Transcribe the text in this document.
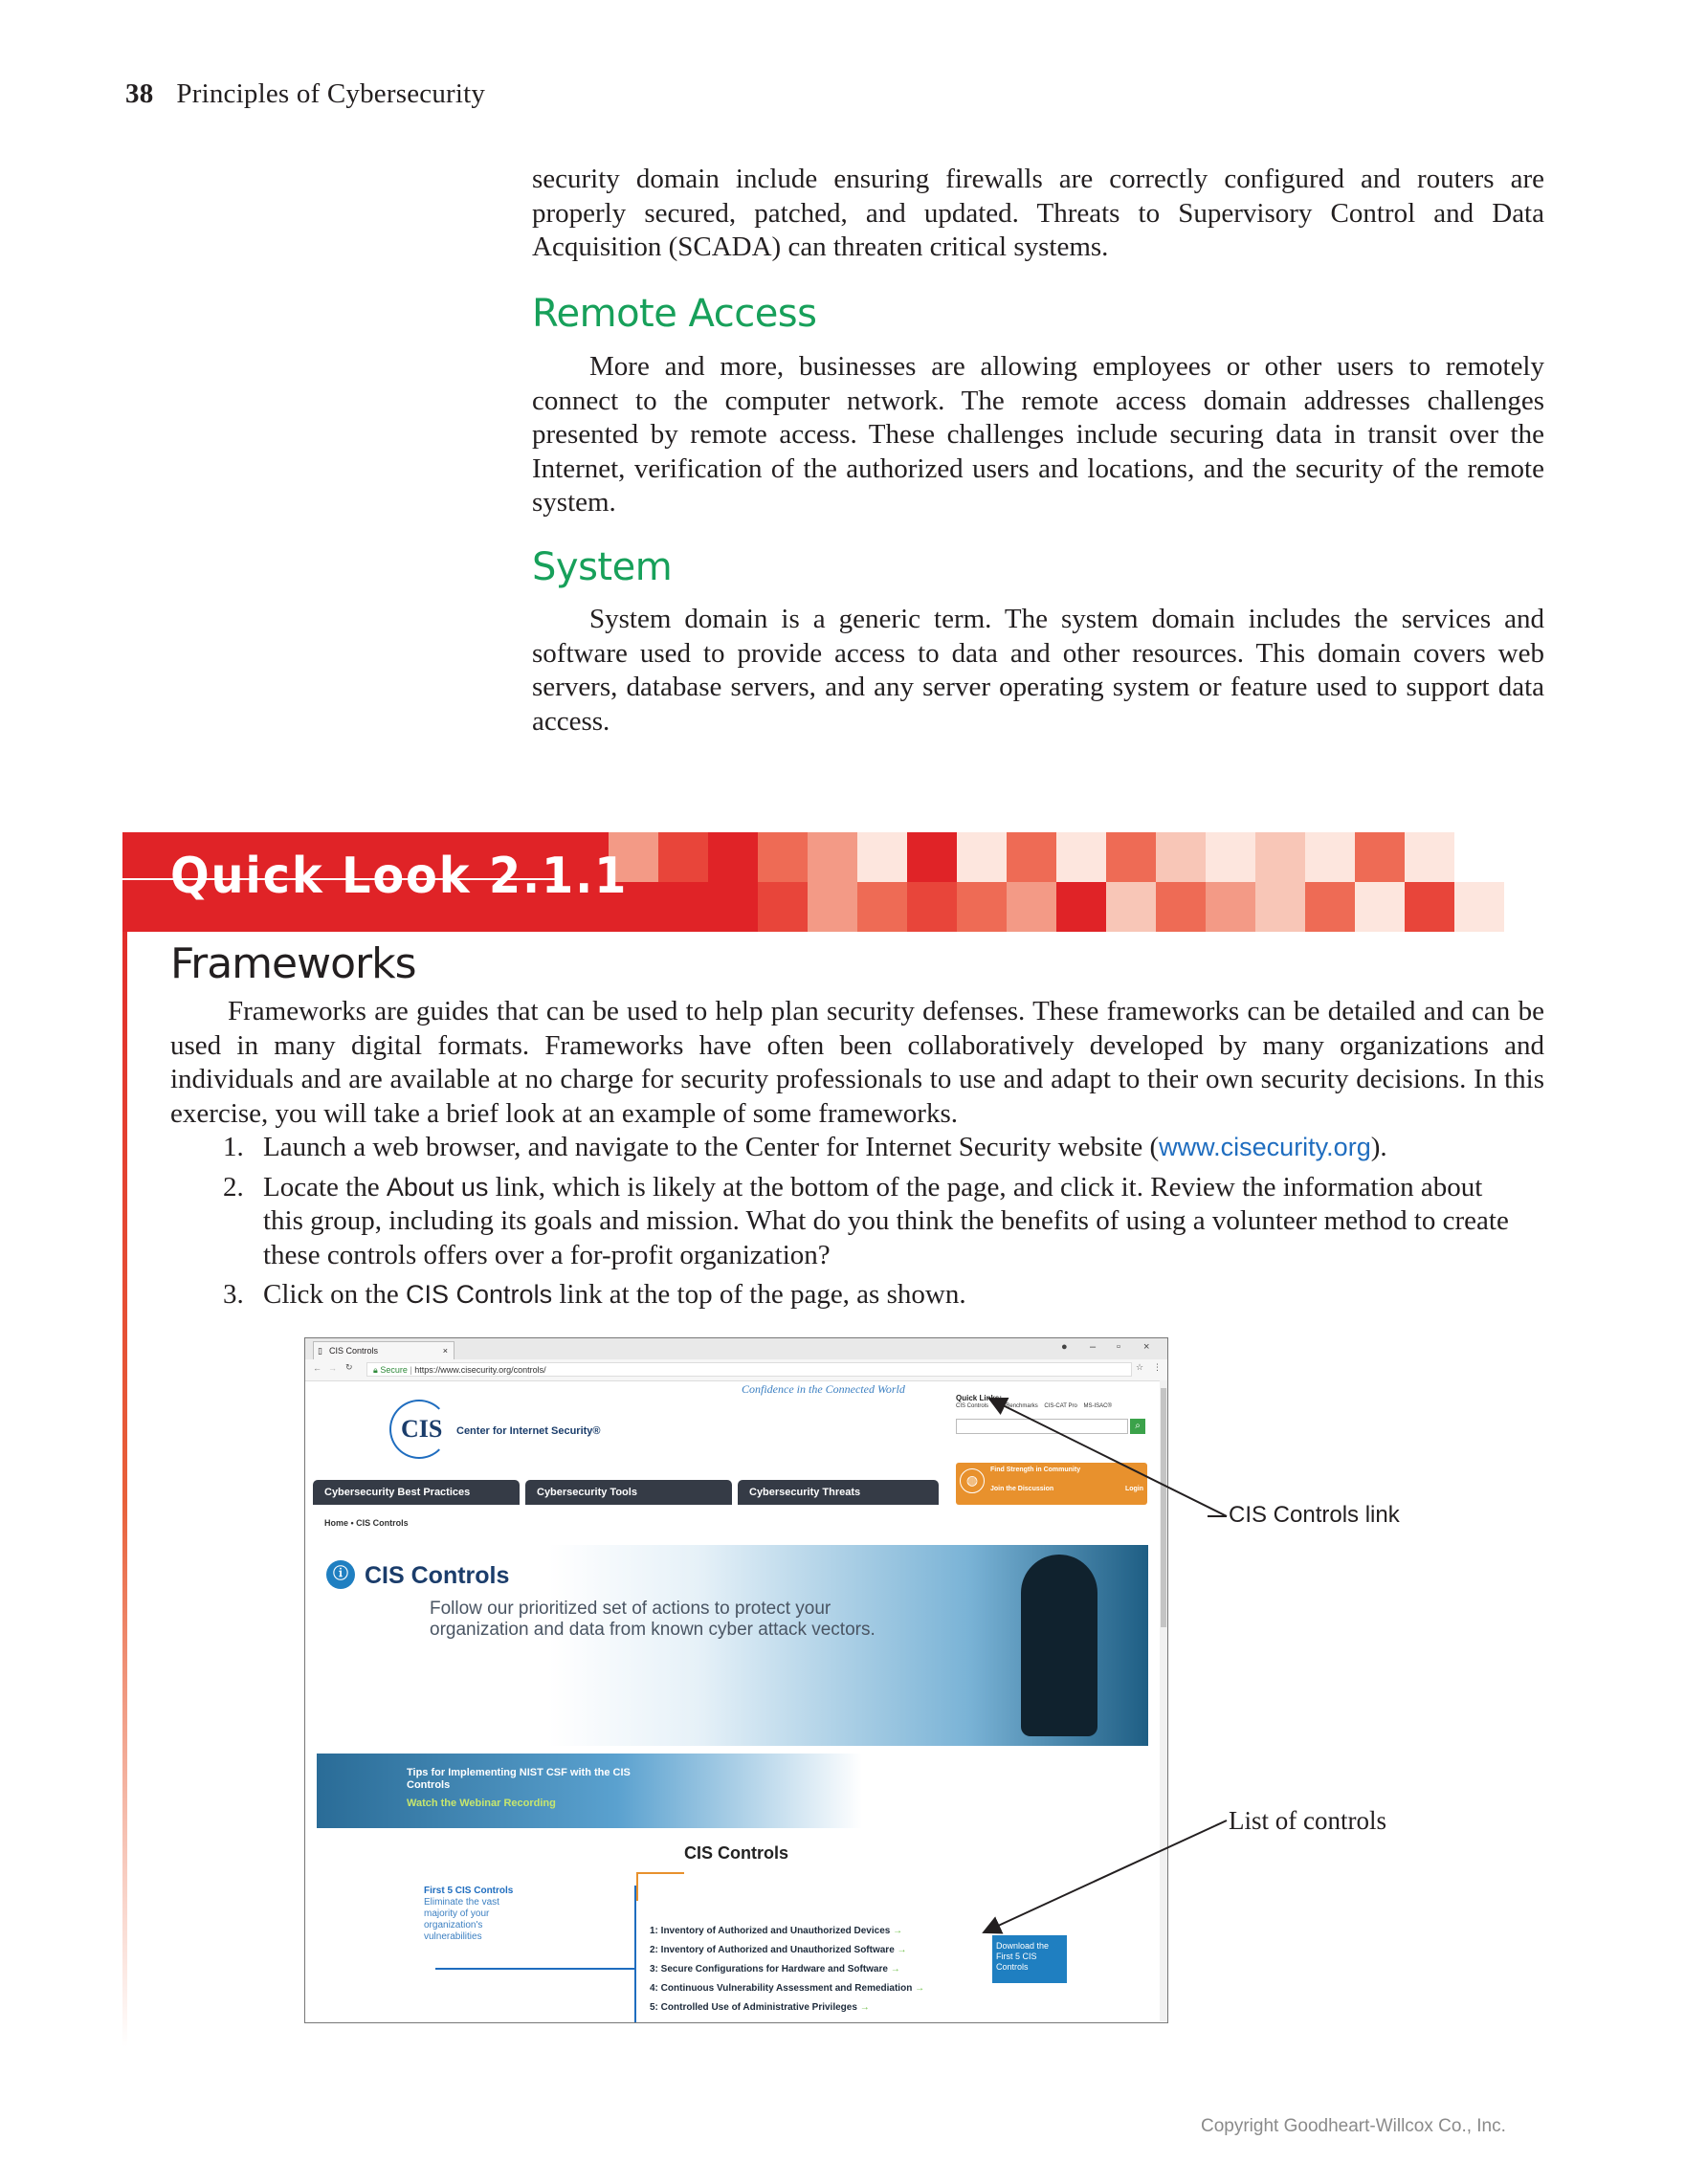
38 Principles of Cybersecurity

security domain include ensuring firewalls are correctly configured and routers are properly secured, patched, and updated. Threats to Supervisory Control and Data Acquisition (SCADA) can threaten critical systems.

Remote Access

More and more, businesses are allowing employees or other users to remotely connect to the computer network. The remote access domain addresses challenges presented by remote access. These challenges include securing data in transit over the Internet, verification of the authorized users and locations, and the security of the remote system.

System

System domain is a generic term. The system domain includes the services and software used to provide access to data and other resources. This domain covers web servers, database servers, and any server operating system or feature used to support data access.

Quick Look 2.1.1
Frameworks

Frameworks are guides that can be used to help plan security defenses. These frameworks can be detailed and can be used in many digital formats. Frameworks have often been collaboratively developed by many organizations and individuals and are available at no charge for security professionals to use and adapt to their own security decisions. In this exercise, you will take a brief look at an example of some frameworks.

1. Launch a web browser, and navigate to the Center for Internet Security website (www.cisecurity.org).

2. Locate the About us link, which is likely at the bottom of the page, and click it. Review the information about this group, including its goals and mission. What do you think the benefits of using a volunteer method to create these controls offers over a for-profit organization?

3. Click on the CIS Controls link at the top of the page, as shown.

▯ CIS Controls	×	● – ▫ ×
← → ↻	🔒︎ Secure | https://www.cisecurity.org/controls/	☆ ⋮
Confidence in the Connected World
Quick Links:
CIS Controls CIS Benchmarks CIS-CAT Pro MS-ISAC®
⌕
CIS Center for Internet Security®
Cybersecurity Best Practices	Cybersecurity Tools	Cybersecurity Threats
◍
Find Strength in Community
Join the Discussion	Login
Home • CIS Controls
ⓘ CIS Controls
Follow our prioritized set of actions to protect your organization and data from known cyber attack vectors.
Tips for Implementing NIST CSF with the CIS Controls
Watch the Webinar Recording
CIS Controls
First 5 CIS Controls
Eliminate the vast majority of your organization's vulnerabilities
1: Inventory of Authorized and Unauthorized Devices →
2: Inventory of Authorized and Unauthorized Software →
3: Secure Configurations for Hardware and Software →
4: Continuous Vulnerability Assessment and Remediation →
5: Controlled Use of Administrative Privileges →
Download the First 5 CIS Controls
CIS Controls link
List of controls
Copyright Goodheart-Willcox Co., Inc.
